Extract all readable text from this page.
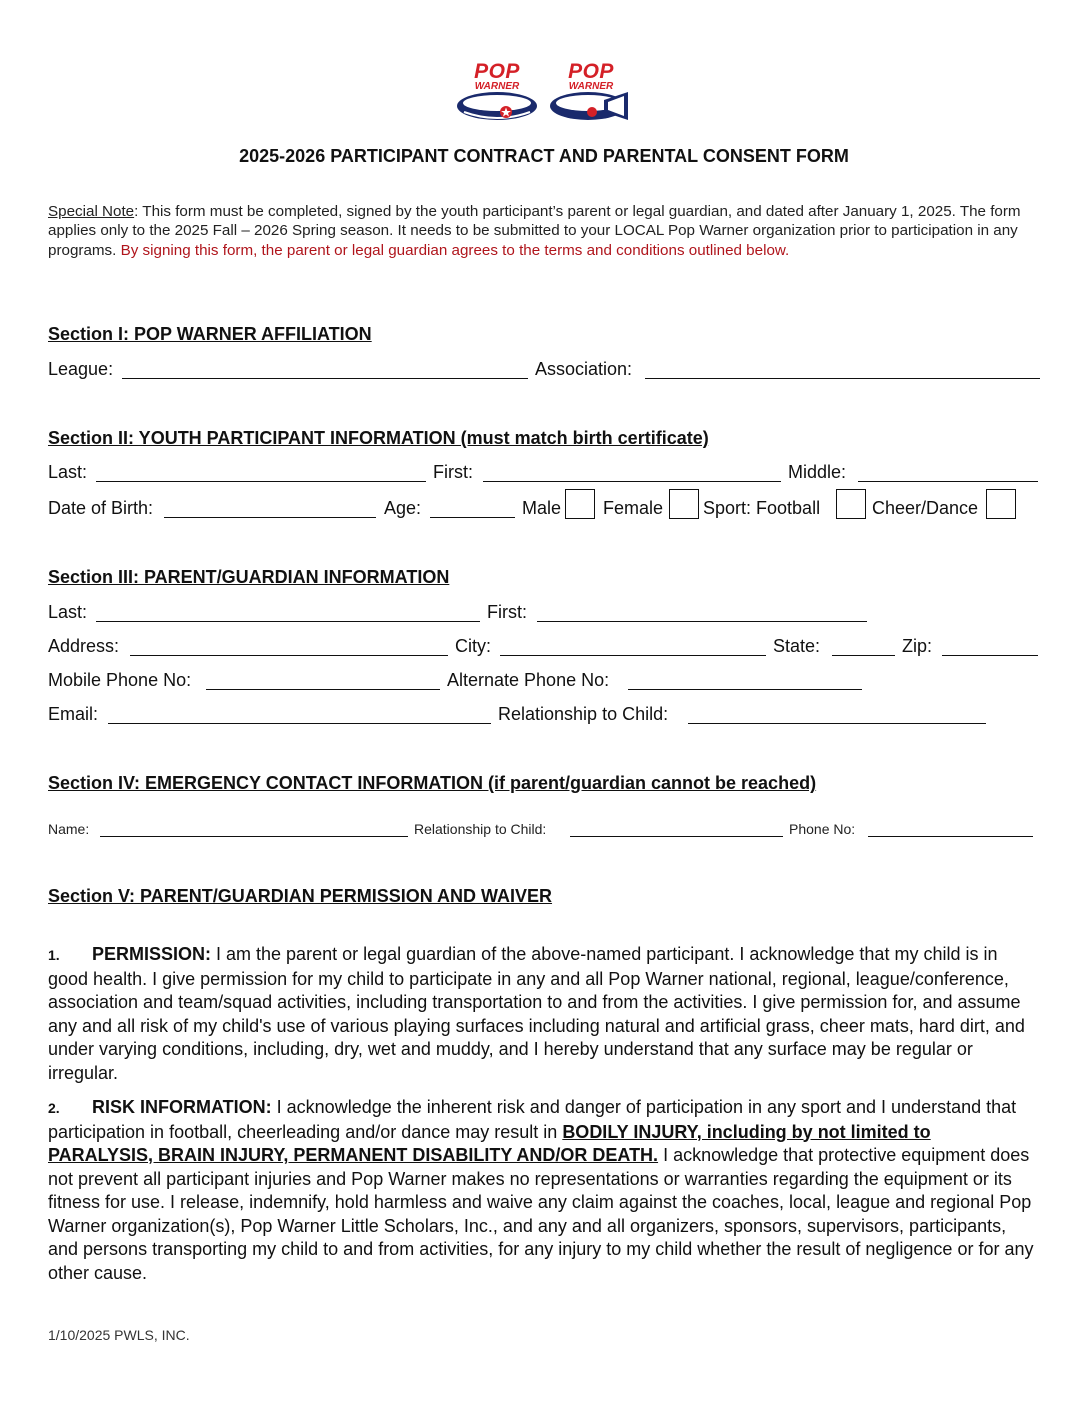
POP
WARNER
POP
WARNER
2025-2026 PARTICIPANT CONTRACT AND PARENTAL CONSENT FORM
Special Note: This form must be completed, signed by the youth participant’s parent or legal guardian, and dated after January 1, 2025. The form applies only to the 2025 Fall – 2026 Spring season. It needs to be submitted to your LOCAL Pop Warner organization prior to participation in any programs. By signing this form, the parent or legal guardian agrees to the terms and conditions outlined below.
Section I: POP WARNER AFFILIATION
League:	Association:
Section II: YOUTH PARTICIPANT INFORMATION (must match birth certificate)
Last:	First:	Middle:
Date of Birth:	Age:	Male Female Sport: Football	Cheer/Dance
Section III: PARENT/GUARDIAN INFORMATION
Last:	First:
Address:	City:	State:	Zip:
Mobile Phone No:	Alternate Phone No:
Email:	Relationship to Child:
Section IV: EMERGENCY CONTACT INFORMATION (if parent/guardian cannot be reached)
Name:	Relationship to Child:	Phone No:
Section V: PARENT/GUARDIAN PERMISSION AND WAIVER
1. PERMISSION: I am the parent or legal guardian of the above-named participant. I acknowledge that my child is in good health. I give permission for my child to participate in any and all Pop Warner national, regional, league/conference, association and team/squad activities, including transportation to and from the activities. I give permission for, and assume any and all risk of my child's use of various playing surfaces including natural and artificial grass, cheer mats, hard dirt, and under varying conditions, including, dry, wet and muddy, and I hereby understand that any surface may be regular or irregular.
2. RISK INFORMATION: I acknowledge the inherent risk and danger of participation in any sport and I understand that participation in football, cheerleading and/or dance may result in BODILY INJURY, including by not limited to PARALYSIS, BRAIN INJURY, PERMANENT DISABILITY AND/OR DEATH. I acknowledge that protective equipment does not prevent all participant injuries and Pop Warner makes no representations or warranties regarding the equipment or its fitness for use. I release, indemnify, hold harmless and waive any claim against the coaches, local, league and regional Pop Warner organization(s), Pop Warner Little Scholars, Inc., and any and all organizers, sponsors, supervisors, participants, and persons transporting my child to and from activities, for any injury to my child whether the result of negligence or for any other cause.
1/10/2025 PWLS, INC.
